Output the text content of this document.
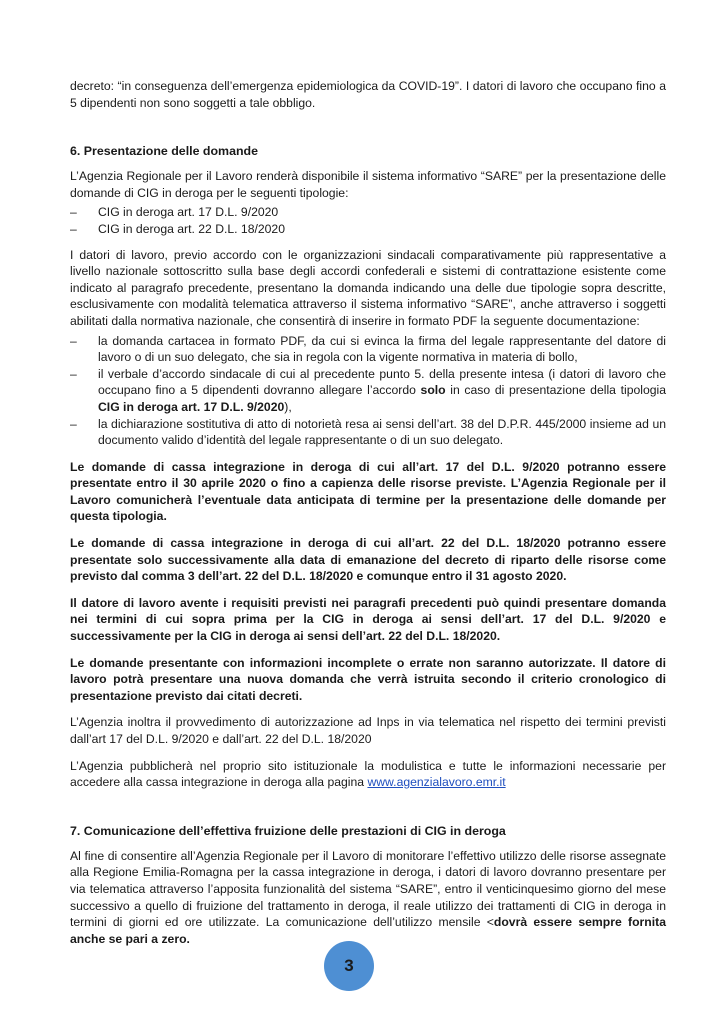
decreto: “in conseguenza dell’emergenza epidemiologica da COVID-19”. I datori di lavoro che occupano fino a 5 dipendenti non sono soggetti a tale obbligo.

6. Presentazione delle domande

L’Agenzia Regionale per il Lavoro renderà disponibile il sistema informativo “SARE” per la presentazione delle domande di CIG in deroga per le seguenti tipologie:

– CIG in deroga art. 17 D.L. 9/2020
– CIG in deroga art. 22 D.L. 18/2020

I datori di lavoro, previo accordo con le organizzazioni sindacali comparativamente più rappresentative a livello nazionale sottoscritto sulla base degli accordi confederali e sistemi di contrattazione esistente come indicato al paragrafo precedente, presentano la domanda indicando una delle due tipologie sopra descritte, esclusivamente con modalità telematica attraverso il sistema informativo “SARE”, anche attraverso i soggetti abilitati dalla normativa nazionale, che consentirà di inserire in formato PDF la seguente documentazione:

– la domanda cartacea in formato PDF, da cui si evinca la firma del legale rappresentante del datore di lavoro o di un suo delegato, che sia in regola con la vigente normativa in materia di bollo,
– il verbale d’accordo sindacale di cui al precedente punto 5. della presente intesa (i datori di lavoro che occupano fino a 5 dipendenti dovranno allegare l’accordo solo in caso di presentazione della tipologia CIG in deroga art. 17 D.L. 9/2020),
– la dichiarazione sostitutiva di atto di notorietà resa ai sensi dell’art. 38 del D.P.R. 445/2000 insieme ad un documento valido d’identità del legale rappresentante o di un suo delegato.

Le domande di cassa integrazione in deroga di cui all’art. 17 del D.L. 9/2020 potranno essere presentate entro il 30 aprile 2020 o fino a capienza delle risorse previste. L’Agenzia Regionale per il Lavoro comunicherà l’eventuale data anticipata di termine per la presentazione delle domande per questa tipologia.

Le domande di cassa integrazione in deroga di cui all’art. 22 del D.L. 18/2020 potranno essere presentate solo successivamente alla data di emanazione del decreto di riparto delle risorse come previsto dal comma 3 dell’art. 22 del D.L. 18/2020 e comunque entro il 31 agosto 2020.

Il datore di lavoro avente i requisiti previsti nei paragrafi precedenti può quindi presentare domanda nei termini di cui sopra prima per la CIG in deroga ai sensi dell’art. 17 del D.L. 9/2020 e successivamente per la CIG in deroga ai sensi dell’art. 22 del D.L. 18/2020.

Le domande presentante con informazioni incomplete o errate non saranno autorizzate. Il datore di lavoro potrà presentare una nuova domanda che verrà istruita secondo il criterio cronologico di presentazione previsto dai citati decreti.

L’Agenzia inoltra il provvedimento di autorizzazione ad Inps in via telematica nel rispetto dei termini previsti dall’art 17 del D.L. 9/2020 e dall’art. 22 del D.L. 18/2020

L’Agenzia pubblicherà nel proprio sito istituzionale la modulistica e tutte le informazioni necessarie per accedere alla cassa integrazione in deroga alla pagina www.agenzialavoro.emr.it

7. Comunicazione dell’effettiva fruizione delle prestazioni di CIG in deroga

Al fine di consentire all’Agenzia Regionale per il Lavoro di monitorare l’effettivo utilizzo delle risorse assegnate alla Regione Emilia-Romagna per la cassa integrazione in deroga, i datori di lavoro dovranno presentare per via telematica attraverso l’apposita funzionalità del sistema “SARE”, entro il venticinquesimo giorno del mese successivo a quello di fruizione del trattamento in deroga, il reale utilizzo dei trattamenti di CIG in deroga in termini di giorni ed ore utilizzate. La comunicazione dell’utilizzo mensile <dovrà essere sempre fornita anche se pari a zero.

3
